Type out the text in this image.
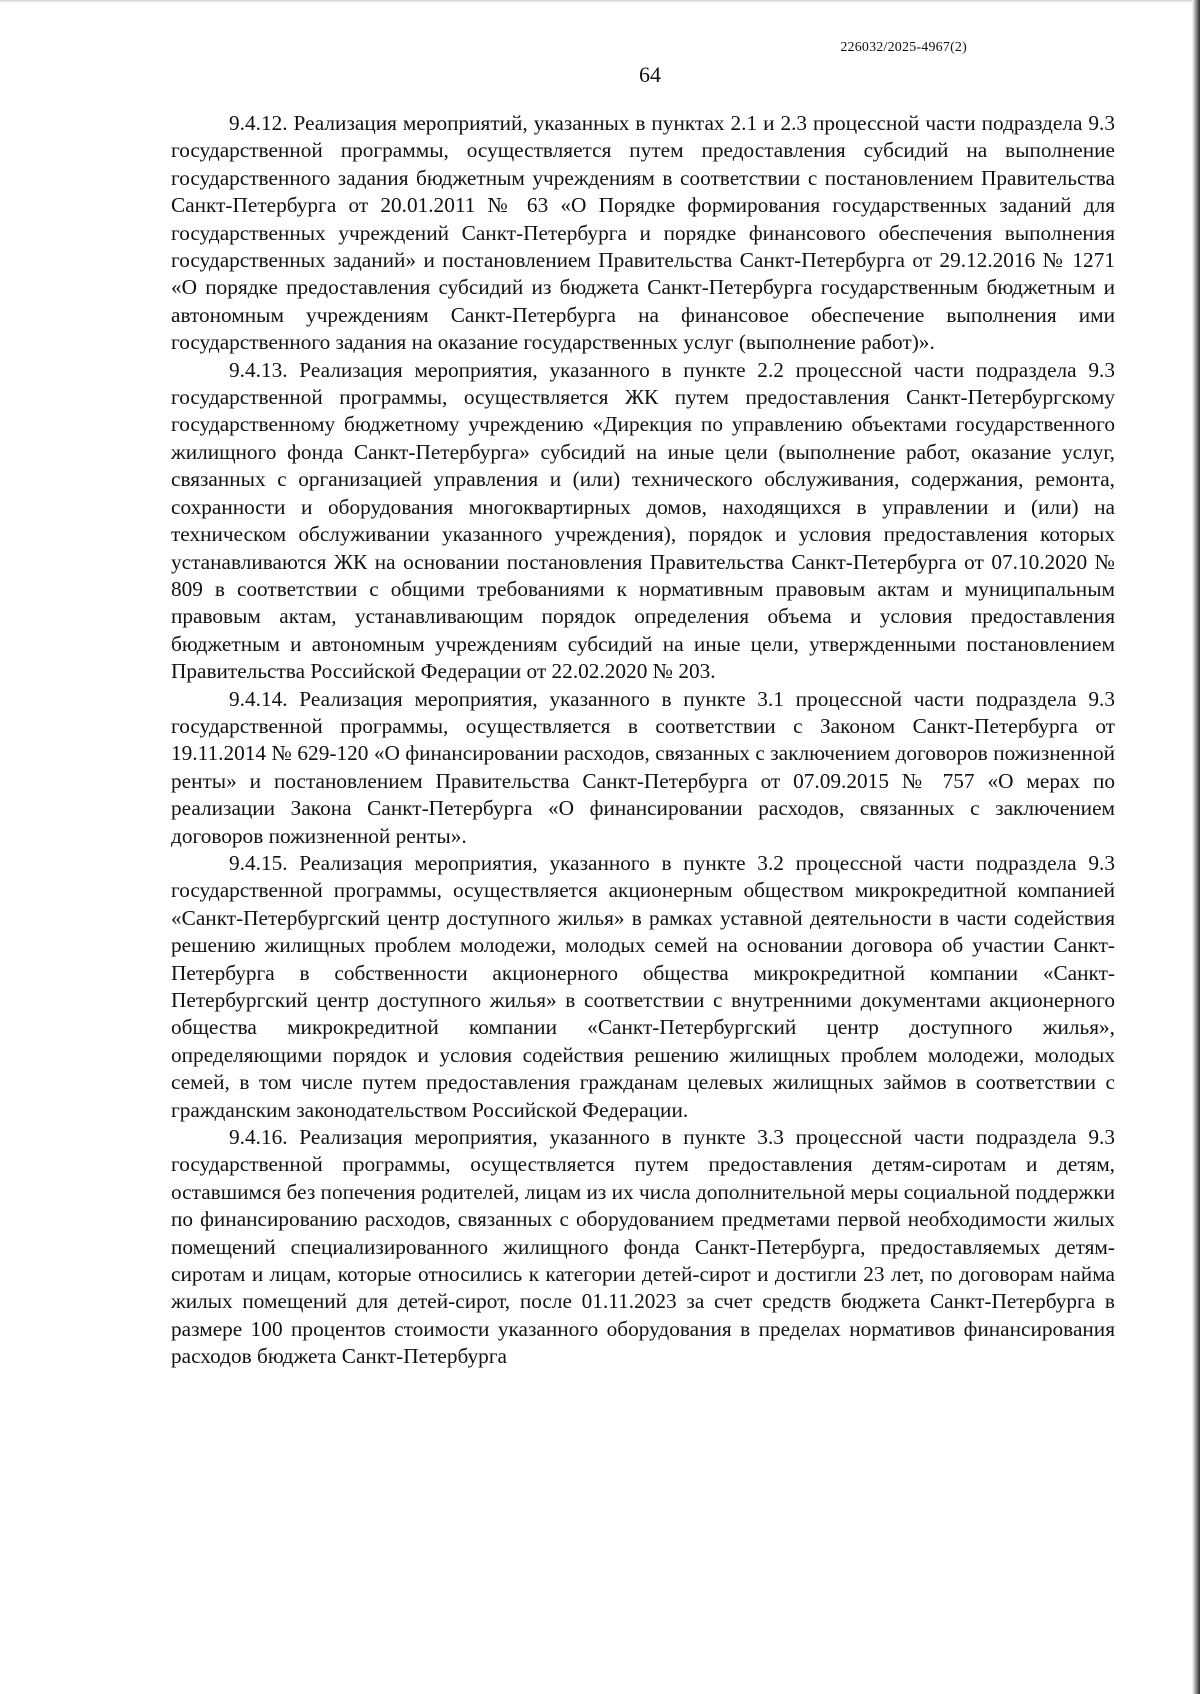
226032/2025-4967(2)
64

9.4.12. Реализация мероприятий, указанных в пунктах 2.1 и 2.3 процессной части подраздела 9.3 государственной программы, осуществляется путем предоставления субсидий на выполнение государственного задания бюджетным учреждениям в соответствии с постановлением Правительства Санкт-Петербурга от 20.01.2011 № 63 «О Порядке формирования государственных заданий для государственных учреждений Санкт-Петербурга и порядке финансового обеспечения выполнения государственных заданий» и постановлением Правительства Санкт-Петербурга от 29.12.2016 № 1271 «О порядке предоставления субсидий из бюджета Санкт-Петербурга государственным бюджетным и автономным учреждениям Санкт-Петербурга на финансовое обеспечение выполнения ими государственного задания на оказание государственных услуг (выполнение работ)».

9.4.13. Реализация мероприятия, указанного в пункте 2.2 процессной части подраздела 9.3 государственной программы, осуществляется ЖК путем предоставления Санкт-Петербургскому государственному бюджетному учреждению «Дирекция по управлению объектами государственного жилищного фонда Санкт-Петербурга» субсидий на иные цели (выполнение работ, оказание услуг, связанных с организацией управления и (или) технического обслуживания, содержания, ремонта, сохранности и оборудования многоквартирных домов, находящихся в управлении и (или) на техническом обслуживании указанного учреждения), порядок и условия предоставления которых устанавливаются ЖК на основании постановления Правительства Санкт-Петербурга от 07.10.2020 № 809 в соответствии с общими требованиями к нормативным правовым актам и муниципальным правовым актам, устанавливающим порядок определения объема и условия предоставления бюджетным и автономным учреждениям субсидий на иные цели, утвержденными постановлением Правительства Российской Федерации от 22.02.2020 № 203.

9.4.14. Реализация мероприятия, указанного в пункте 3.1 процессной части подраздела 9.3 государственной программы, осуществляется в соответствии с Законом Санкт-Петербурга от 19.11.2014 № 629-120 «О финансировании расходов, связанных с заключением договоров пожизненной ренты» и постановлением Правительства Санкт-Петербурга от 07.09.2015 № 757 «О мерах по реализации Закона Санкт-Петербурга «О финансировании расходов, связанных с заключением договоров пожизненной ренты».

9.4.15. Реализация мероприятия, указанного в пункте 3.2 процессной части подраздела 9.3 государственной программы, осуществляется акционерным обществом микрокредитной компанией «Санкт-Петербургский центр доступного жилья» в рамках уставной деятельности в части содействия решению жилищных проблем молодежи, молодых семей на основании договора об участии Санкт-Петербурга в собственности акционерного общества микрокредитной компании «Санкт-Петербургский центр доступного жилья» в соответствии с внутренними документами акционерного общества микрокредитной компании «Санкт-Петербургский центр доступного жилья», определяющими порядок и условия содействия решению жилищных проблем молодежи, молодых семей, в том числе путем предоставления гражданам целевых жилищных займов в соответствии с гражданским законодательством Российской Федерации.

9.4.16. Реализация мероприятия, указанного в пункте 3.3 процессной части подраздела 9.3 государственной программы, осуществляется путем предоставления детям-сиротам и детям, оставшимся без попечения родителей, лицам из их числа дополнительной меры социальной поддержки по финансированию расходов, связанных с оборудованием предметами первой необходимости жилых помещений специализированного жилищного фонда Санкт-Петербурга, предоставляемых детям-сиротам и лицам, которые относились к категории детей-сирот и достигли 23 лет, по договорам найма жилых помещений для детей-сирот, после 01.11.2023 за счет средств бюджета Санкт-Петербурга в размере 100 процентов стоимости указанного оборудования в пределах нормативов финансирования расходов бюджета Санкт-Петербурга
